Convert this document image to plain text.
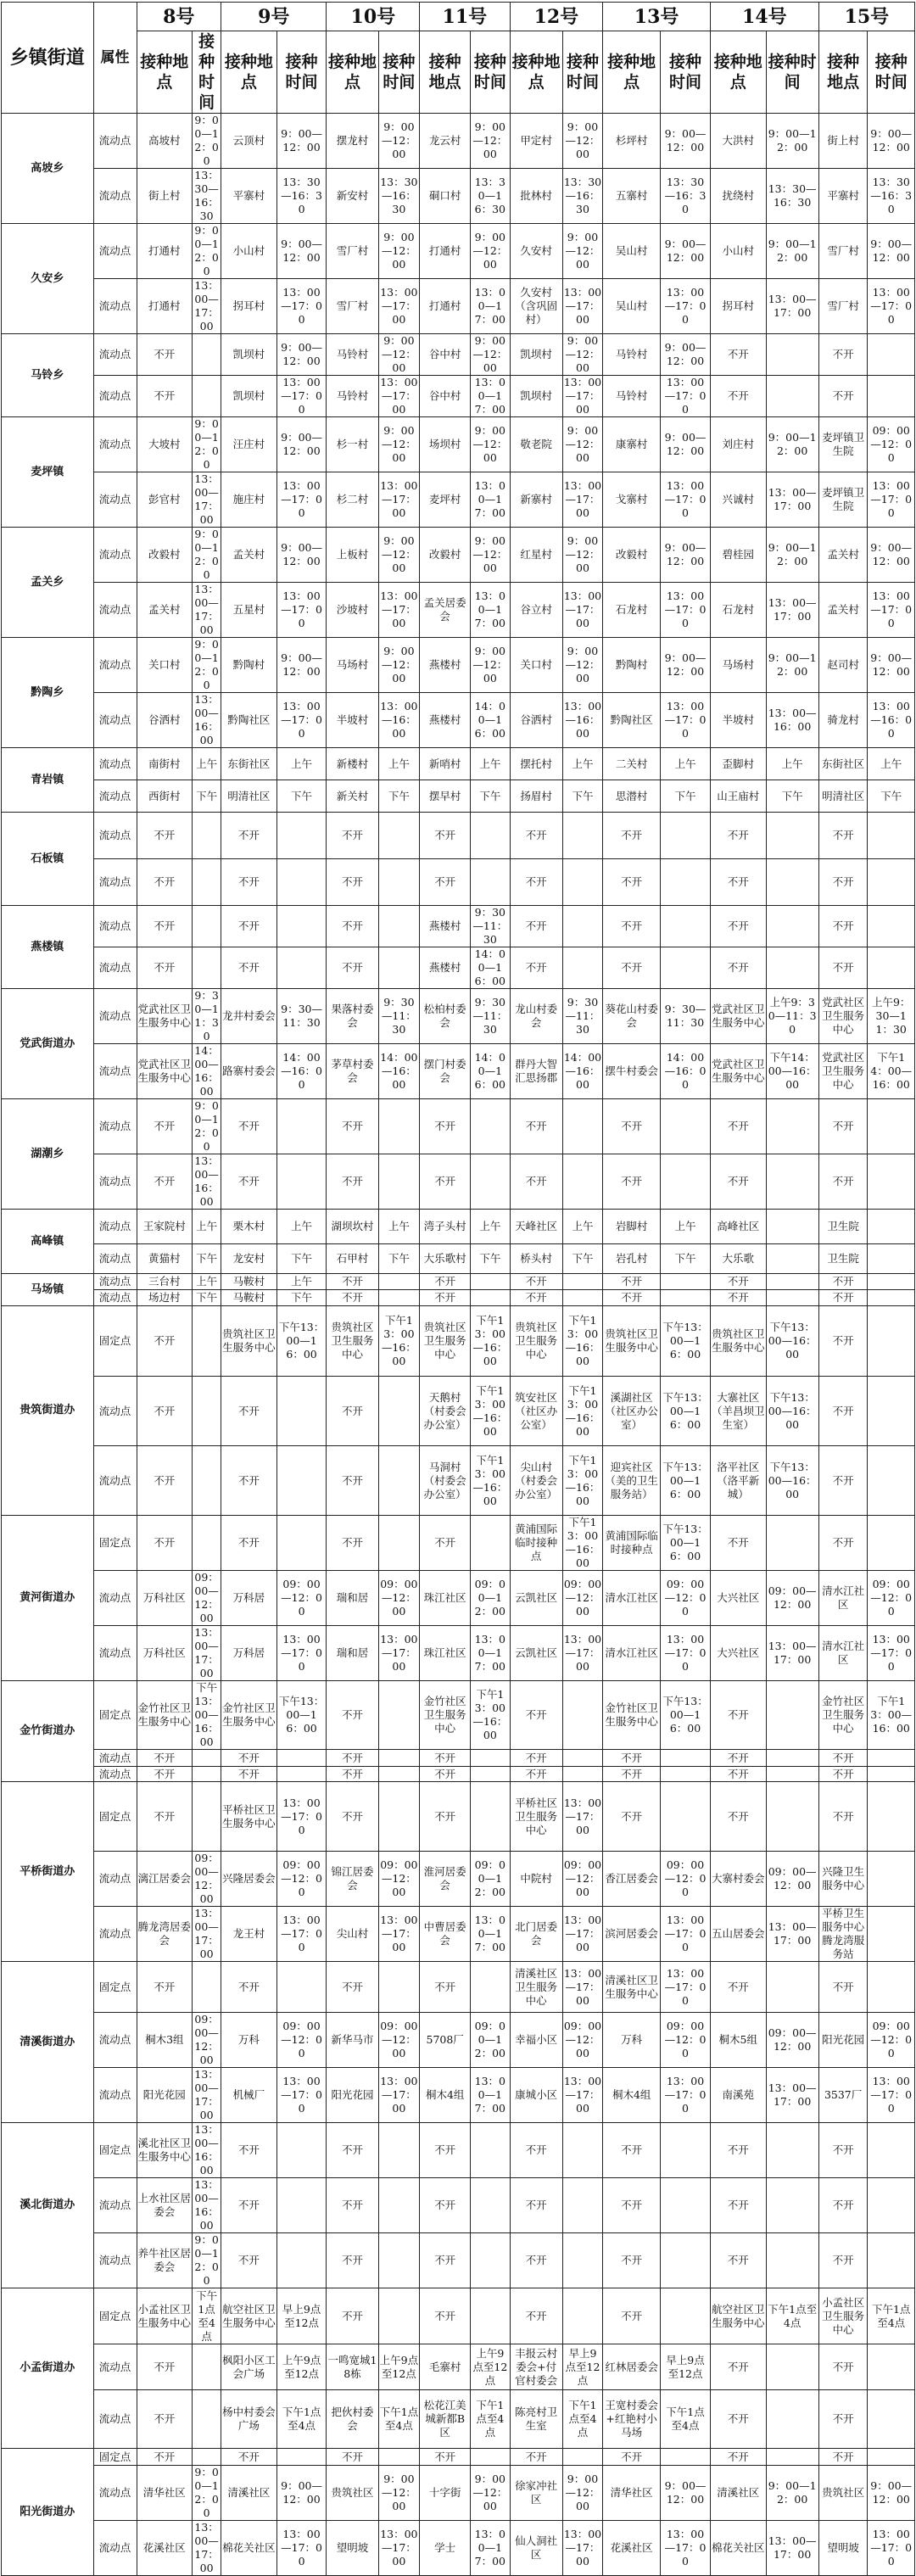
乡镇街道	属性	8号		9号		10号		11号		12号		13号		14号		15号	
		接种地点	接种时间	接种地点	接种时间	接种地点	接种时间	接种地点	接种时间	接种地点	接种时间	接种地点	接种时间	接种地点	接种时间	接种地点	接种时间
高坡乡	流动点	高坡村	9：00—12：00	云顶村	9：00—12：00	摆龙村	9：00—12：00	龙云村	9：00—12：00	甲定村	9：00—12：00	杉坪村	9：00—12：00	大洪村	9：00—12：00	街上村	9：00—12：00
	流动点	街上村	13：30—16：30	平寨村	13：30—16：30	新安村	13：30—16：30	硐口村	13：30—16：30	批林村	13：30—16：30	五寨村	13：30—16：30	扰绕村	13：30—16：30	平寨村	13：30—16：30
久安乡	流动点	打通村	9：00—12：00	小山村	9：00—12：00	雪厂村	9：00—12：00	打通村	9：00—12：00	久安村	9：00—12：00	吴山村	9：00—12：00	小山村	9：00—12：00	雪厂村	9：00—12：00
	流动点	打通村	13：00—17：00	拐耳村	13：00—17：00	雪厂村	13：00—17：00	打通村	13：00—17：00	久安村（含巩固村）	13：00—17：00	吴山村	13：00—17：00	拐耳村	13：00—17：00	雪厂村	13：00—17：00
马铃乡	流动点	不开		凯坝村	9：00—12：00	马铃村	9：00—12：00	谷中村	9：00—12：00	凯坝村	9：00—12：00	马铃村	9：00—12：00	不开		不开	
	流动点	不开		凯坝村	13：00—17：00	马铃村	13：00—17：00	谷中村	13：00—17：00	凯坝村	13：00—17：00	马铃村	13：00—17：00	不开		不开	
麦坪镇	流动点	大坡村	9：00—12：00	汪庄村	9：00—12：00	杉一村	9：00—12：00	场坝村	9：00—12：00	敬老院	9：00—12：00	康寨村	9：00—12：00	刘庄村	9：00—12：00	麦坪镇卫生院	09：00—12：00
	流动点	彭官村	13：00—17：00	施庄村	13：00—17：00	杉二村	13：00—17：00	麦坪村	13：00—17：00	新寨村	13：00—17：00	戈寨村	13：00—17：00	兴诚村	13：00—17：00	麦坪镇卫生院	13：00—17：00
孟关乡	流动点	改毅村	9：00—12：00	孟关村	9：00—12：00	上板村	9：00—12：00	改毅村	9：00—12：00	红星村	9：00—12：00	改毅村	9：00—12：00	碧桂园	9：00—12：00	孟关村	9：00—12：00
	流动点	孟关村	13：00—17：00	五星村	13：00—17：00	沙坡村	13：00—17：00	孟关居委会	13：00—17：00	谷立村	13：00—17：00	石龙村	13：00—17：00	石龙村	13：00—17：00	孟关村	13：00—17：00
黔陶乡	流动点	关口村	9：00—12：00	黔陶村	9：00—12：00	马场村	9：00—12：00	燕楼村	9：00—12：00	关口村	9：00—12：00	黔陶村	9：00—12：00	马场村	9：00—12：00	赵司村	9：00—12：00
	流动点	谷洒村	13：00—16：00	黔陶社区	13：00—17：00	半坡村	13：00—16：00	燕楼村	14：00—16：00	谷洒村	13：00—16：00	黔陶社区	13：00—17：00	半坡村	13：00—16：00	骑龙村	13：00—16：00
青岩镇	流动点	南街村	上午	东街社区	上午	新楼村	上午	新哨村	上午	摆托村	上午	二关村	上午	歪脚村	上午	东街社区	上午
	流动点	西街村	下午	明清社区	下午	新关村	下午	摆早村	下午	扬眉村	下午	思潜村	下午	山王庙村	下午	明清社区	下午
石板镇	流动点	不开		不开		不开		不开		不开		不开		不开		不开	
	流动点	不开		不开		不开		不开		不开		不开		不开		不开	
燕楼镇	流动点	不开		不开		不开		燕楼村	9：30—11：30	不开		不开		不开		不开	
	流动点	不开		不开		不开		燕楼村	14：00—16：00	不开		不开		不开		不开	
党武街道办	流动点	党武社区卫生服务中心	9：30—11：30	龙井村委会	9：30—11：30	果落村委会	9：30—11：30	松柏村委会	9：30—11：30	龙山村委会	9：30—11：30	葵花山村委会	9：30—11：30	党武社区卫生服务中心	上午9：30—11：30	党武社区卫生服务中心	上午9：30—11：30
	流动点	党武社区卫生服务中心	14：00—16：00	路寨村委会	14：00—16：00	茅草村委会	14：00—16：00	摆门村委会	14：00—16：00	群丹大智汇思扬郡	14：00—16：00	摆牛村委会	14：00—16：00	党武社区卫生服务中心	下午14：00—16：00	党武社区卫生服务中心	下午14：00—16：00
湖潮乡	流动点	不开	9：00—12：00	不开		不开		不开		不开		不开		不开		不开	
	流动点	不开	13：00—16：00	不开		不开		不开		不开		不开		不开		不开	
高峰镇	流动点	王家院村	上午	栗木村	上午	湖坝坎村	上午	湾子头村	上午	天峰社区	上午	岩脚村	上午	高峰社区		卫生院	
	流动点	黄猫村	下午	龙安村	下午	石甲村	下午	大乐歌村	下午	桥头村	下午	岩孔村	下午	大乐歌		卫生院	
马场镇	流动点	三台村	上午	马鞍村	上午	不开		不开		不开		不开		不开		不开	
	流动点	场边村	下午	马鞍村	下午	不开		不开		不开		不开		不开		不开	
贵筑街道办	固定点	不开		贵筑社区卫生服务中心	下午13：00—16：00	贵筑社区卫生服务中心	下午13：00—16：00	贵筑社区卫生服务中心	下午13：00—16：00	贵筑社区卫生服务中心	下午13：00—16：00	贵筑社区卫生服务中心	下午13：00—16：00	贵筑社区卫生服务中心	下午13：00—16：00	不开	
	流动点	不开		不开		不开		天鹅村（村委会办公室）	下午13：00—16：00	筑安社区（社区办公室）	下午13：00—16：00	溪湖社区（社区办公室）	下午13：00—16：00	大寨社区（羊昌坝卫生室）	下午13：00—16：00	不开	
	流动点	不开		不开		不开		马洞村（村委会办公室）	下午13：00—16：00	尖山村（村委会办公室）	下午13：00—16：00	迎宾社区（美的卫生服务站）	下午13：00—16：00	洛平社区（洛平新城）	下午13：00—16：00	不开	
黄河街道办	固定点	不开		不开		不开		不开		黄浦国际临时接种点	下午13：00—16：00	黄浦国际临时接种点	下午13：00—16：00	不开		不开	
	流动点	万科社区	09：00—12：00	万科居	09：00—12：00	瑞和居	09：00—12：00	珠江社区	09：00—12：00	云凯社区	09：00—12：00	清水江社区	09：00—12：00	大兴社区	09：00—12：00	清水江社区	09：00—12：00
	流动点	万科社区	13：00—17：00	万科居	13：00—17：00	瑞和居	13：00—17：00	珠江社区	13：00—17：00	云凯社区	13：00—17：00	清水江社区	13：00—17：00	大兴社区	13：00—17：00	清水江社区	13：00—17：00
金竹街道办	固定点	金竹社区卫生服务中心	下午13：00—16：00	金竹社区卫生服务中心	下午13：00—16：00	不开		金竹社区卫生服务中心	下午13：00—16：00	不开		金竹社区卫生服务中心	下午13：00—16：00	不开		金竹社区卫生服务中心	下午13：00—16：00
	流动点	不开		不开		不开		不开		不开		不开		不开		不开	
	流动点	不开		不开		不开		不开		不开		不开		不开		不开	
平桥街道办	固定点	不开		平桥社区卫生服务中心	13：00—17：00	不开		不开		平桥社区卫生服务中心	13：00—17：00	不开		不开		不开	
	流动点	漓江居委会	09：00—12：00	兴隆居委会	09：00—12：00	锦江居委会	09：00—12：00	淮河居委会	09：00—12：00	中院村	09：00—12：00	香江居委会	09：00—12：00	大寨村委会	09：00—12：00	兴隆卫生服务中心	
	流动点	腾龙湾居委会	13：00—17：00	龙王村	13：00—17：00	尖山村	13：00—17：00	中曹居委会	13：00—17：00	北门居委会	13：00—17：00	滨河居委会	13：00—17：00	五山居委会	13：00—17：00	平桥卫生服务中心腾龙湾服务站	
清溪街道办	固定点	不开		不开		不开		不开		清溪社区卫生服务中心	13：00—17：00	清溪社区卫生服务中心	13：00—17：00	不开		不开	
	流动点	桐木3组	09：00—12：00	万科	09：00—12：00	新华马市	09：00—12：00	5708厂	09：00—12：00	幸福小区	09：00—12：00	万科	09：00—12：00	桐木5组	09：00—12：00	阳光花园	09：00—12：00
	流动点	阳光花园	13：00—17：00	机械厂	13：00—17：00	阳光花园	13：00—17：00	桐木4组	13：00—17：00	康城小区	13：00—17：00	桐木4组	13：00—17：00	南溪苑	13：00—17：00	3537厂	13：00—17：00
溪北街道办	固定点	溪北社区卫生服务中心	13：00—16：00	不开		不开		不开		不开		不开		不开		不开	
	流动点	上水社区居委会	13：00—16：00	不开		不开		不开		不开		不开		不开		不开	
	流动点	养牛社区居委会	9：00—12：00	不开		不开		不开		不开		不开		不开		不开	
小孟街道办	固定点	小孟社区卫生服务中心	下午1点至4点	航空社区卫生服务中心	早上9点至12点	不开		不开		不开		不开		航空社区卫生服务中心	下午1点至4点	小孟社区卫生服务中心	下午1点至4点
	流动点	不开		枫阳小区工会广场	上午9点至12点	一鸣宽城18栋	上午9点至12点	毛寨村	上午9点至12点	丰报云村委会+付官村委会	早上9点至12点	红林居委会	早上9点至12点	不开		不开	
	流动点	不开		杨中村委会广场	下午1点至4点	把伙村委会	下午1点至4点	松花江美城新都B区	下午1点至4点	陈亮村卫生室	下午1点至4点	王宽村委会+红艳村小马场	下午1点至4点	不开		不开	
阳光街道办	固定点	不开		不开		不开		不开		不开		不开		不开		不开	
	流动点	清华社区	9：00—12：00	清溪社区	9：00—12：00	贵筑社区	9：00—12：00	十字街	9：00—12：00	徐家冲社区	9：00—12：00	清华社区	9：00—12：00	清溪社区	9：00—12：00	贵筑社区	9：00—12：00
	流动点	花溪社区	13：00—17：00	棉花关社区	13：00—17：00	望明坡	13：00—17：00	学士	13：00—17：00	仙人洞社区	13：00—17：00	花溪社区	13：00—17：00	棉花关社区	13：00—17：00	望明坡	13：00—17：00
